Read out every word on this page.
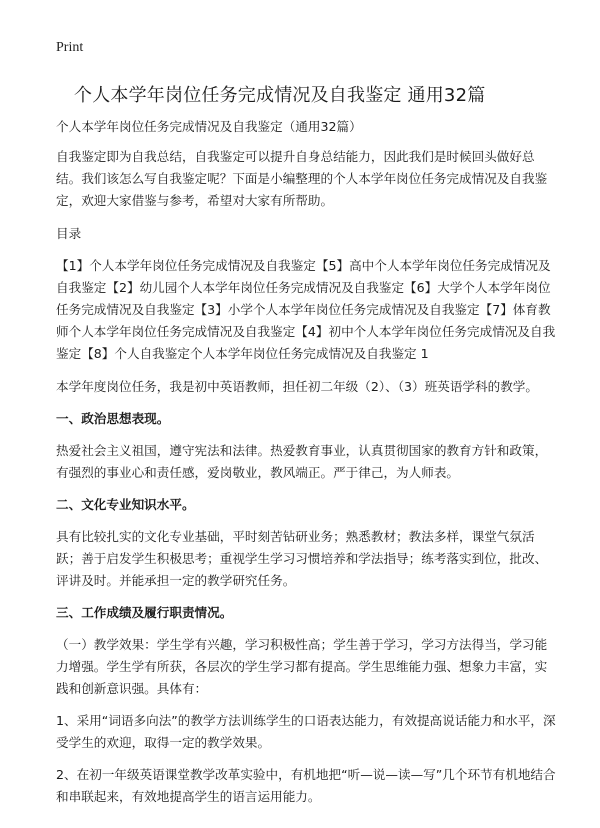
Print
个人本学年岗位任务完成情况及自我鉴定 通用32篇

个人本学年岗位任务完成情况及自我鉴定（通用32篇）

自我鉴定即为自我总结，自我鉴定可以提升自身总结能力，因此我们是时候回头做好总结。我们该怎么写自我鉴定呢？下面是小编整理的个人本学年岗位任务完成情况及自我鉴定，欢迎大家借鉴与参考，希望对大家有所帮助。

目录

【1】个人本学年岗位任务完成情况及自我鉴定【5】高中个人本学年岗位任务完成情况及自我鉴定【2】幼儿园个人本学年岗位任务完成情况及自我鉴定【6】大学个人本学年岗位任务完成情况及自我鉴定【3】小学个人本学年岗位任务完成情况及自我鉴定【7】体育教师个人本学年岗位任务完成情况及自我鉴定【4】初中个人本学年岗位任务完成情况及自我鉴定【8】个人自我鉴定个人本学年岗位任务完成情况及自我鉴定 1

本学年度岗位任务，我是初中英语教师，担任初二年级（2）、（3）班英语学科的教学。

一、政治思想表现。

热爱社会主义祖国，遵守宪法和法律。热爱教育事业，认真贯彻国家的教育方针和政策，有强烈的事业心和责任感，爱岗敬业，教风端正。严于律己，为人师表。

二、文化专业知识水平。

具有比较扎实的文化专业基础，平时刻苦钻研业务；熟悉教材；教法多样，课堂气氛活跃；善于启发学生积极思考；重视学生学习习惯培养和学法指导；练考落实到位，批改、评讲及时。并能承担一定的教学研究任务。

三、工作成绩及履行职责情况。

（一）教学效果：学生学有兴趣，学习积极性高；学生善于学习，学习方法得当，学习能力增强。学生学有所获，各层次的学生学习都有提高。学生思维能力强、想象力丰富，实践和创新意识强。具体有：

1、采用“词语多向法”的教学方法训练学生的口语表达能力，有效提高说话能力和水平，深受学生的欢迎，取得一定的教学效果。

2、在初一年级英语课堂教学改革实验中，有机地把“听—说—读—写”几个环节有机地结合和串联起来，有效地提高学生的语言运用能力。
